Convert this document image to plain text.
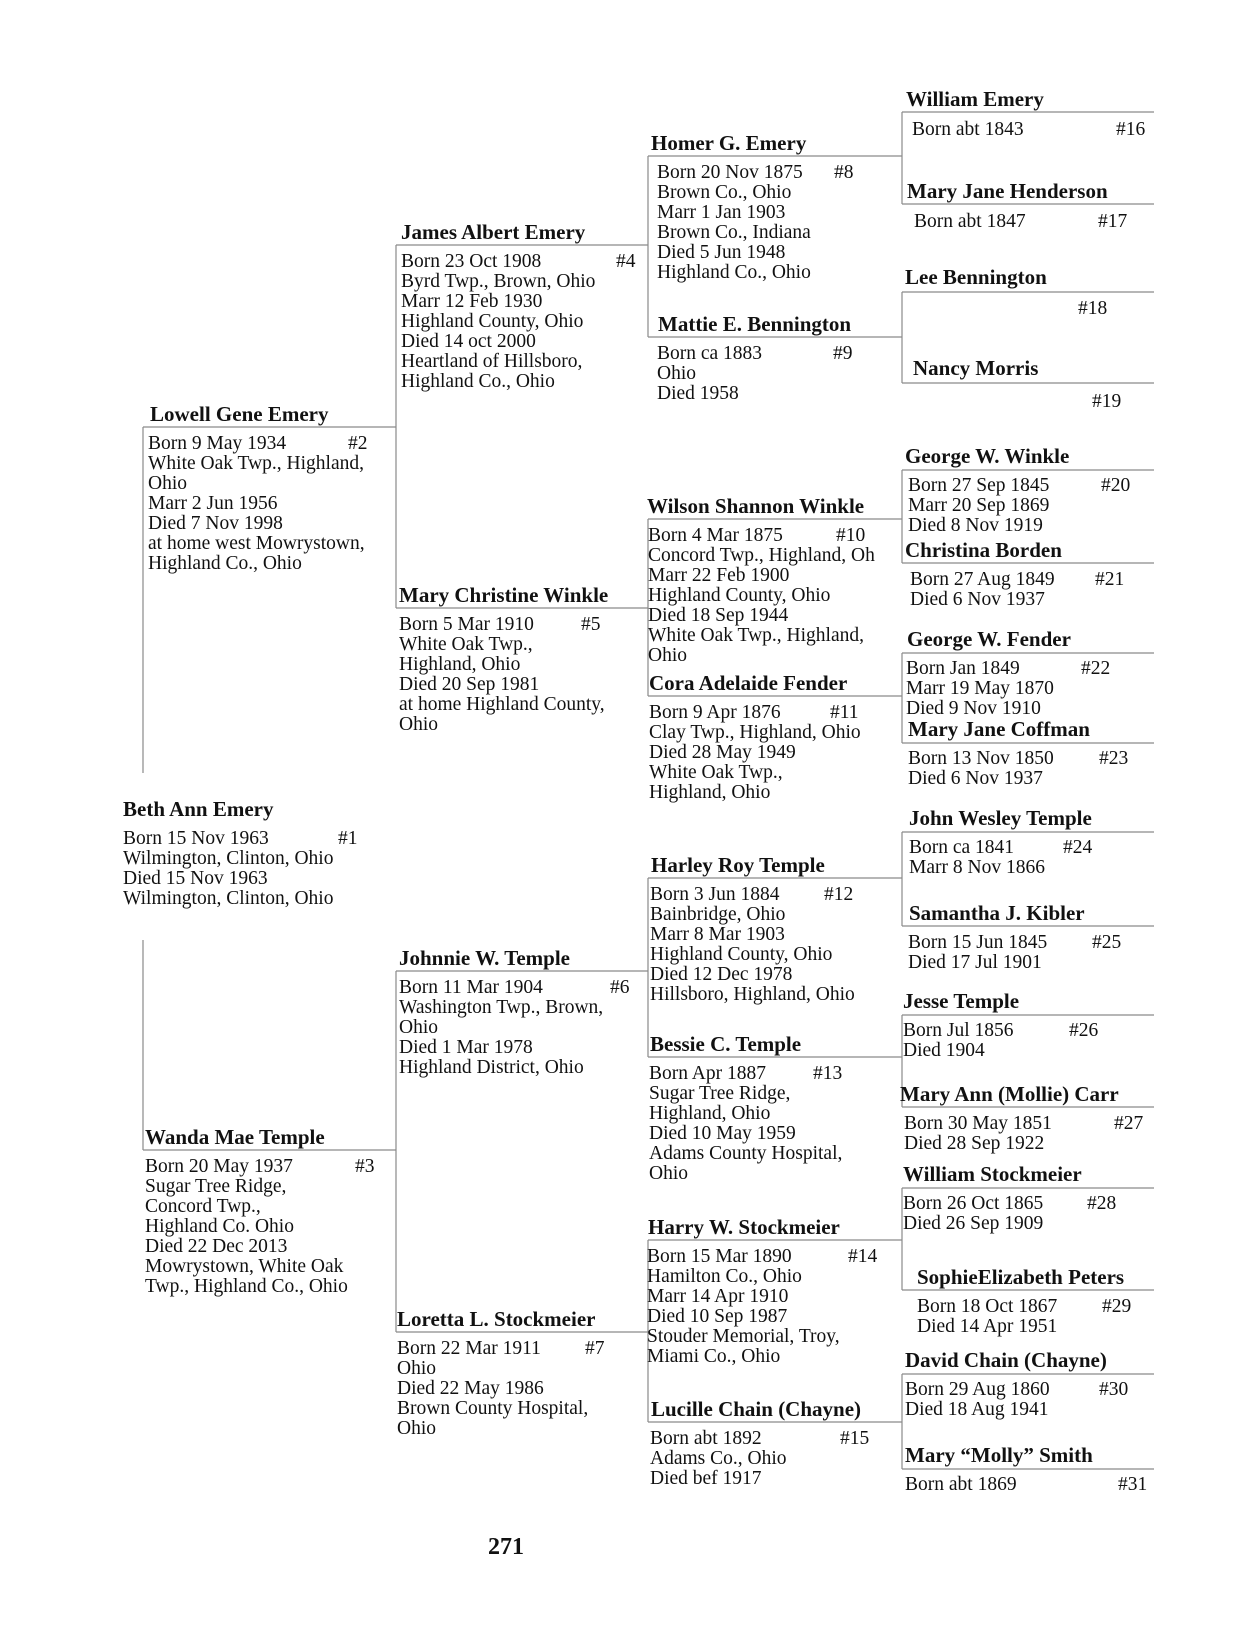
Beth Ann Emery
Born 15 Nov 1963
Wilmington, Clinton, Ohio
Died 15 Nov 1963
Wilmington, Clinton, Ohio
#1
Lowell Gene Emery
Born 9 May 1934
White Oak Twp., Highland,
Ohio
Marr 2 Jun 1956
Died 7 Nov 1998
at home west Mowrystown,
Highland Co., Ohio
#2
Wanda Mae Temple
Born 20 May 1937
Sugar Tree Ridge,
Concord Twp.,
Highland Co. Ohio
Died 22 Dec 2013
Mowrystown, White Oak
Twp., Highland Co., Ohio
#3
James Albert Emery
Born 23 Oct 1908
Byrd Twp., Brown, Ohio
Marr 12 Feb 1930
Highland County, Ohio
Died 14 oct 2000
Heartland of Hillsboro,
Highland Co., Ohio
#4
Mary Christine Winkle
Born 5 Mar 1910
White Oak Twp.,
Highland, Ohio
Died 20 Sep 1981
at home Highland County,
Ohio
#5
Johnnie W. Temple
Born 11 Mar 1904
Washington Twp., Brown,
Ohio
Died 1 Mar 1978
Highland District, Ohio
#6
Loretta L. Stockmeier
Born 22 Mar 1911
Ohio
Died 22 May 1986
Brown County Hospital,
Ohio
#7
Homer G. Emery
Born 20 Nov 1875
Brown Co., Ohio
Marr 1 Jan 1903
Brown Co., Indiana
Died 5 Jun 1948
Highland Co., Ohio
#8
Mattie E. Bennington
Born ca 1883
Ohio
Died 1958
#9
Wilson Shannon Winkle
Born 4 Mar 1875
Concord Twp., Highland, Oh
Marr 22 Feb 1900
Highland County, Ohio
Died 18 Sep 1944
White Oak Twp., Highland,
Ohio
#10
Cora Adelaide Fender
Born 9 Apr 1876
Clay Twp., Highland, Ohio
Died 28 May 1949
White Oak Twp.,
Highland, Ohio
#11
Harley Roy Temple
Born 3 Jun 1884
Bainbridge, Ohio
Marr 8 Mar 1903
Highland County, Ohio
Died 12 Dec 1978
Hillsboro, Highland, Ohio
#12
Bessie C. Temple
Born Apr 1887
Sugar Tree Ridge,
Highland, Ohio
Died 10 May 1959
Adams County Hospital,
Ohio
#13
Harry W. Stockmeier
Born 15 Mar 1890
Hamilton Co., Ohio
Marr 14 Apr 1910
Died 10 Sep 1987
Stouder Memorial, Troy,
Miami Co., Ohio
#14
Lucille Chain (Chayne)
Born abt 1892
Adams Co., Ohio
Died bef 1917
#15
William Emery
Born abt 1843	#16
Mary Jane Henderson
Born abt 1847	#17
Lee Bennington
#18
Nancy Morris
#19
George W. Winkle
Born 27 Sep 1845
Marr 20 Sep 1869
Died 8 Nov 1919
#20
Christina Borden
Born 27 Aug 1849
Died 6 Nov 1937
#21
George W. Fender
Born Jan 1849
Marr 19 May 1870
Died 9 Nov 1910
#22
Mary Jane Coffman
Born 13 Nov 1850
Died 6 Nov 1937
#23
John Wesley Temple
Born ca 1841
Marr 8 Nov 1866
#24
Samantha J. Kibler
Born 15 Jun 1845
Died 17 Jul 1901
#25
Jesse Temple
Born Jul 1856
Died 1904
#26
Mary Ann (Mollie) Carr
Born 30 May 1851
Died 28 Sep 1922
#27
William Stockmeier
Born 26 Oct 1865
Died 26 Sep 1909
#28
SophieElizabeth Peters
Born 18 Oct 1867
Died 14 Apr 1951
#29
David Chain (Chayne)
Born 29 Aug 1860
Died 18 Aug 1941
#30
Mary “Molly” Smith
Born abt 1869	#31
271
